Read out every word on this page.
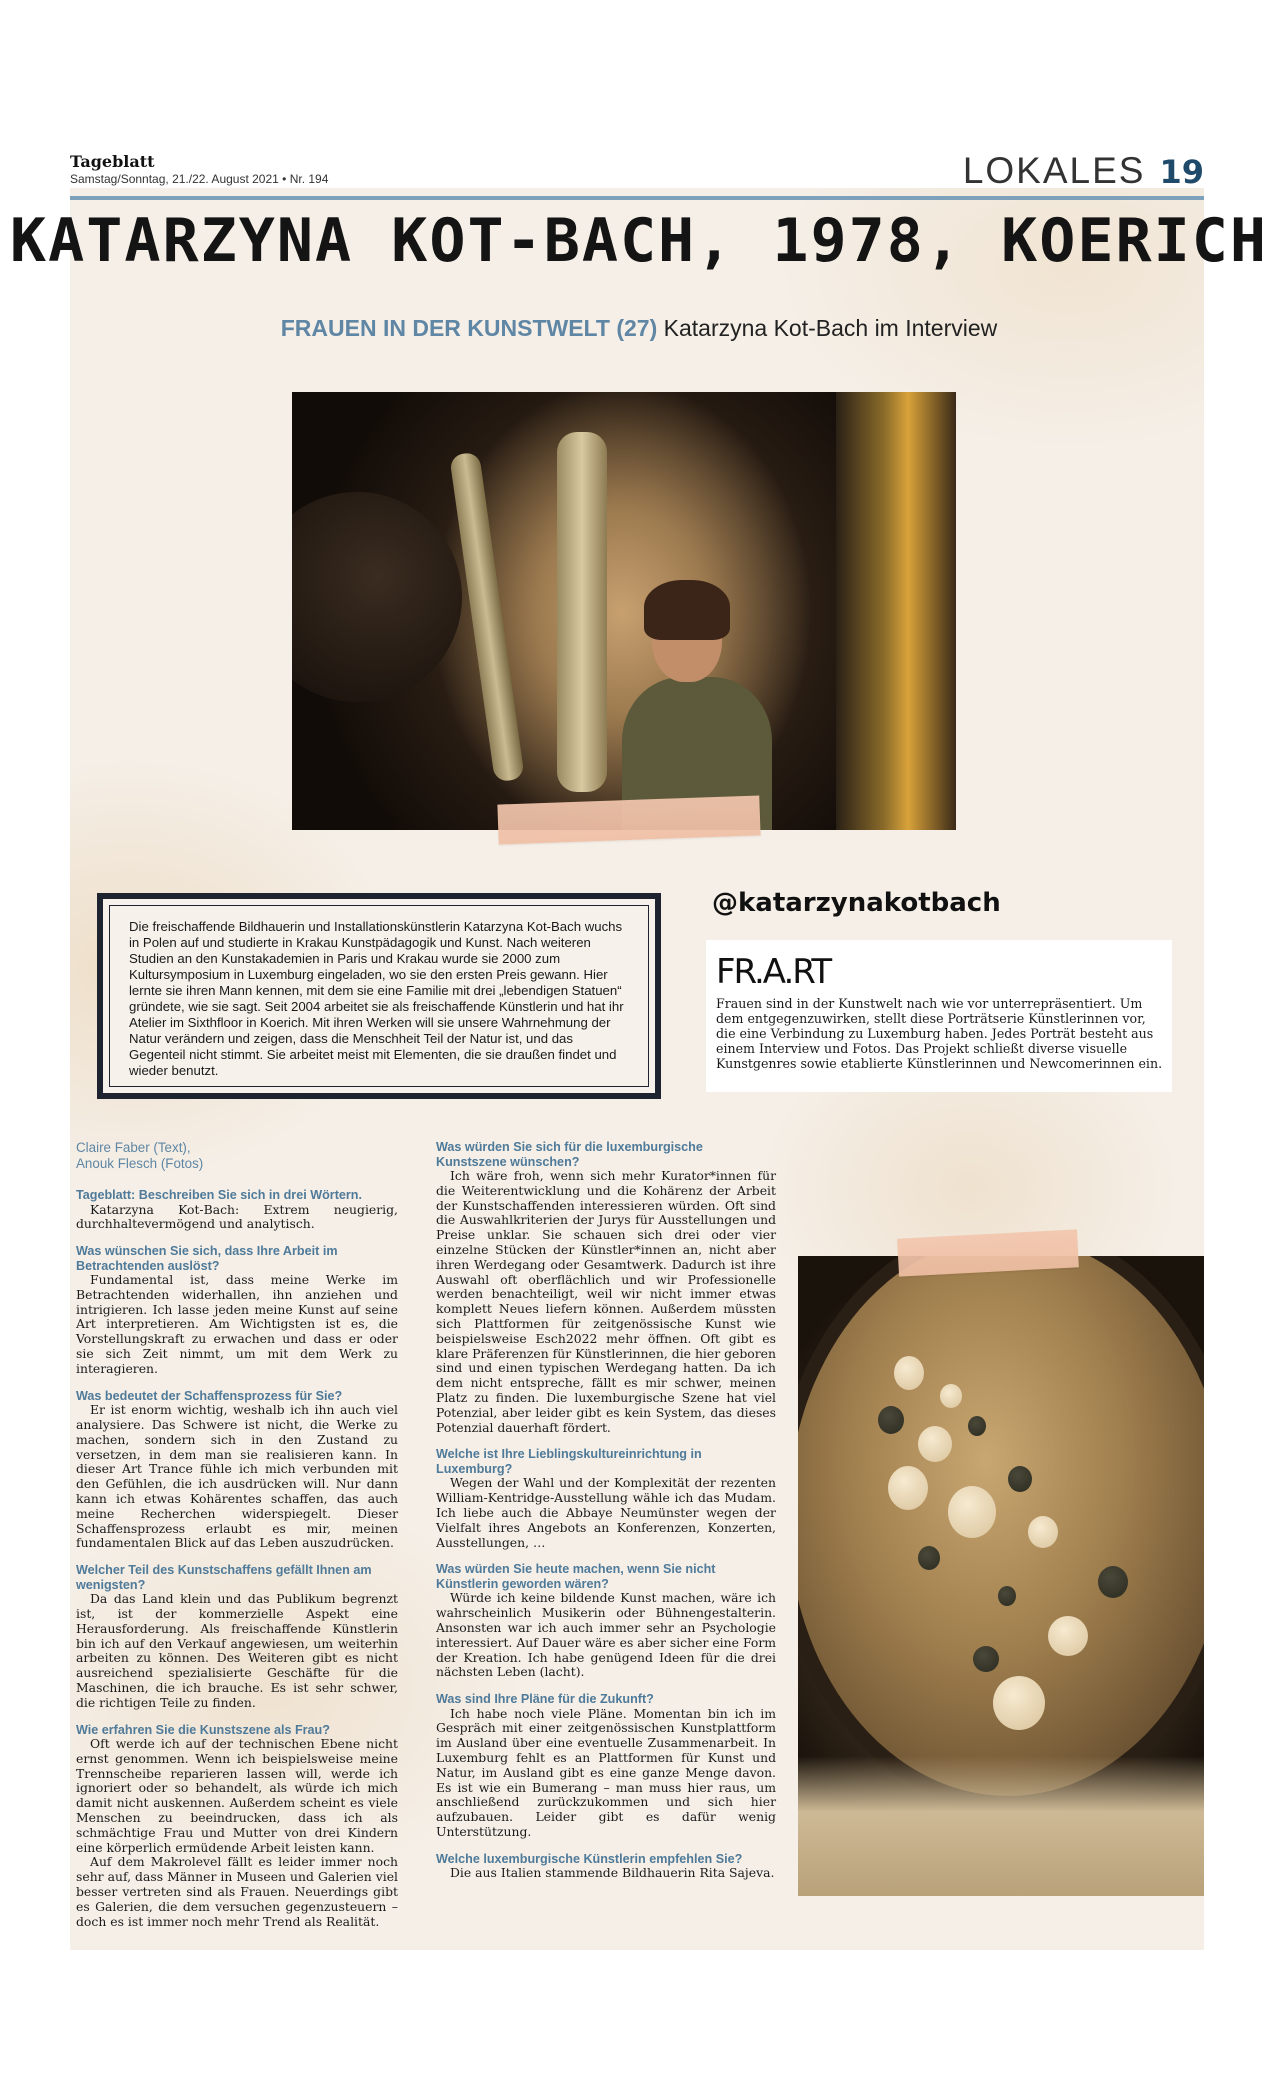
Tageblatt
Samstag/Sonntag, 21./22. August 2021 • Nr. 194	LOKALES 19
KATARZYNA KOT-BACH, 1978, KOERICH
FRAUEN IN DER KUNSTWELT (27) Katarzyna Kot-Bach im Interview

Die freischaffende Bildhauerin und Installationskünstlerin Katarzyna Kot-Bach wuchs in Polen auf und studierte in Krakau Kunstpädagogik und Kunst. Nach weiteren Studien an den Kunstakademien in Paris und Krakau wurde sie 2000 zum Kultursymposium in Luxemburg eingeladen, wo sie den ersten Preis gewann. Hier lernte sie ihren Mann kennen, mit dem sie eine Familie mit drei „lebendigen Statuen“ gründete, wie sie sagt. Seit 2004 arbeitet sie als freischaffende Künstlerin und hat ihr Atelier im Sixthfloor in Koerich. Mit ihren Werken will sie unsere Wahrnehmung der Natur verändern und zeigen, dass die Menschheit Teil der Natur ist, und das Gegenteil nicht stimmt. Sie arbeitet meist mit Elementen, die sie draußen findet und wieder benutzt.

@katarzynakotbach
FR.A.RT
Frauen sind in der Kunstwelt nach wie vor unterrepräsentiert. Um dem entgegenzuwirken, stellt diese Porträtserie Künstlerinnen vor, die eine Verbindung zu Luxemburg haben. Jedes Porträt besteht aus einem Interview und Fotos. Das Projekt schließt diverse visuelle Kunstgenres sowie etablierte Künstlerinnen und Newcomerinnen ein.
Claire Faber (Text),
Anouk Flesch (Fotos)

Tageblatt: Beschreiben Sie sich in drei Wörtern.

Katarzyna Kot-Bach: Extrem neugierig, durchhaltevermögend und analytisch.

Was wünschen Sie sich, dass Ihre Arbeit im Betrachtenden auslöst?

Fundamental ist, dass meine Werke im Betrachtenden widerhallen, ihn anziehen und intrigieren. Ich lasse jeden meine Kunst auf seine Art interpretieren. Am Wichtigsten ist es, die Vorstellungskraft zu erwachen und dass er oder sie sich Zeit nimmt, um mit dem Werk zu interagieren.

Was bedeutet der Schaffensprozess für Sie?

Er ist enorm wichtig, weshalb ich ihn auch viel analysiere. Das Schwere ist nicht, die Werke zu machen, sondern sich in den Zustand zu versetzen, in dem man sie realisieren kann. In dieser Art Trance fühle ich mich verbunden mit den Gefühlen, die ich ausdrücken will. Nur dann kann ich etwas Kohärentes schaffen, das auch meine Recherchen widerspiegelt. Dieser Schaffensprozess erlaubt es mir, meinen fundamentalen Blick auf das Leben auszudrücken.

Welcher Teil des Kunstschaffens gefällt Ihnen am wenigsten?

Da das Land klein und das Publikum begrenzt ist, ist der kommerzielle Aspekt eine Herausforderung. Als freischaffende Künstlerin bin ich auf den Verkauf angewiesen, um weiterhin arbeiten zu können. Des Weiteren gibt es nicht ausreichend spezialisierte Geschäfte für die Maschinen, die ich brauche. Es ist sehr schwer, die richtigen Teile zu finden.

Wie erfahren Sie die Kunstszene als Frau?

Oft werde ich auf der technischen Ebene nicht ernst genommen. Wenn ich beispielsweise meine Trennscheibe reparieren lassen will, werde ich ignoriert oder so behandelt, als würde ich mich damit nicht auskennen. Außerdem scheint es viele Menschen zu beeindrucken, dass ich als schmächtige Frau und Mutter von drei Kindern eine körperlich ermüdende Arbeit leisten kann.

Auf dem Makrolevel fällt es leider immer noch sehr auf, dass Männer in Museen und Galerien viel besser vertreten sind als Frauen. Neuerdings gibt es Galerien, die dem versuchen gegenzusteuern – doch es ist immer noch mehr Trend als Realität.

Was würden Sie sich für die luxemburgische Kunstszene wünschen?

Ich wäre froh, wenn sich mehr Kurator*innen für die Weiterentwicklung und die Kohärenz der Arbeit der Kunstschaffenden interessieren würden. Oft sind die Auswahlkriterien der Jurys für Ausstellungen und Preise unklar. Sie schauen sich drei oder vier einzelne Stücken der Künstler*innen an, nicht aber ihren Werdegang oder Gesamtwerk. Dadurch ist ihre Auswahl oft oberflächlich und wir Professionelle werden benachteiligt, weil wir nicht immer etwas komplett Neues liefern können. Außerdem müssten sich Plattformen für zeitgenössische Kunst wie beispielsweise Esch2022 mehr öffnen. Oft gibt es klare Präferenzen für Künstlerinnen, die hier geboren sind und einen typischen Werdegang hatten. Da ich dem nicht entspreche, fällt es mir schwer, meinen Platz zu finden. Die luxemburgische Szene hat viel Potenzial, aber leider gibt es kein System, das dieses Potenzial dauerhaft fördert.

Welche ist Ihre Lieblingskultureinrichtung in Luxemburg?

Wegen der Wahl und der Komplexität der rezenten William-Kentridge-Ausstellung wähle ich das Mudam. Ich liebe auch die Abbaye Neumünster wegen der Vielfalt ihres Angebots an Konferenzen, Konzerten, Ausstellungen, …

Was würden Sie heute machen, wenn Sie nicht Künstlerin geworden wären?

Würde ich keine bildende Kunst machen, wäre ich wahrscheinlich Musikerin oder Bühnengestalterin. Ansonsten war ich auch immer sehr an Psychologie interessiert. Auf Dauer wäre es aber sicher eine Form der Kreation. Ich habe genügend Ideen für die drei nächsten Leben (lacht).

Was sind Ihre Pläne für die Zukunft?

Ich habe noch viele Pläne. Momentan bin ich im Gespräch mit einer zeitgenössischen Kunstplattform im Ausland über eine eventuelle Zusammenarbeit. In Luxemburg fehlt es an Plattformen für Kunst und Natur, im Ausland gibt es eine ganze Menge davon. Es ist wie ein Bumerang – man muss hier raus, um anschließend zurückzukommen und sich hier aufzubauen. Leider gibt es dafür wenig Unterstützung.

Welche luxemburgische Künstlerin empfehlen Sie?

Die aus Italien stammende Bildhauerin Rita Sajeva.
